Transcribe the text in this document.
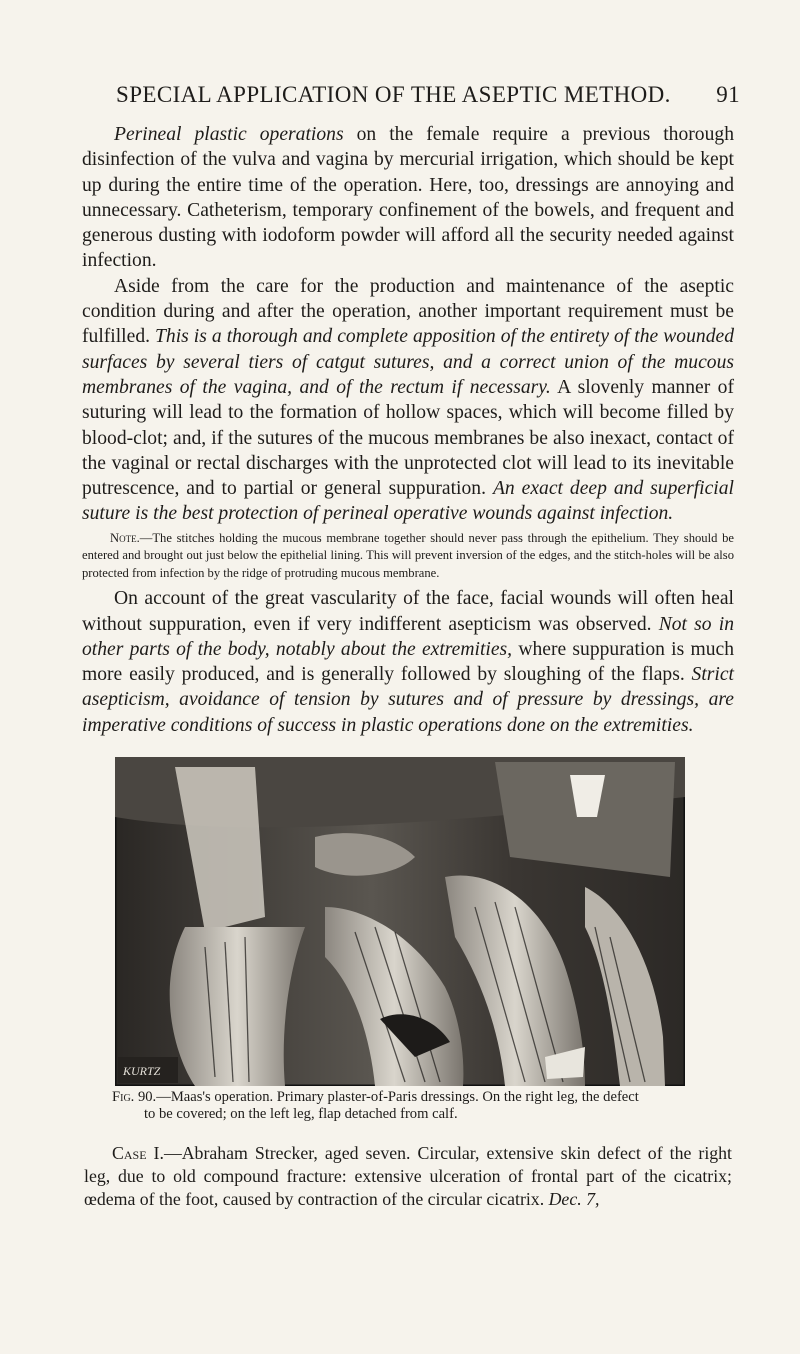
SPECIAL APPLICATION OF THE ASEPTIC METHOD. 91

Perineal plastic operations on the female require a previous thorough disinfection of the vulva and vagina by mercurial irrigation, which should be kept up during the entire time of the operation. Here, too, dressings are annoying and unnecessary. Catheterism, temporary confinement of the bowels, and frequent and generous dusting with iodoform powder will afford all the security needed against infection.

Aside from the care for the production and maintenance of the aseptic condition during and after the operation, another important requirement must be fulfilled. This is a thorough and complete apposition of the entirety of the wounded surfaces by several tiers of catgut sutures, and a correct union of the mucous membranes of the vagina, and of the rectum if necessary. A slovenly manner of suturing will lead to the formation of hollow spaces, which will become filled by blood-clot; and, if the sutures of the mucous membranes be also inexact, contact of the vaginal or rectal discharges with the unprotected clot will lead to its inevitable putrescence, and to partial or general suppuration. An exact deep and superficial suture is the best protection of perineal operative wounds against infection.

Note.—The stitches holding the mucous membrane together should never pass through the epithelium. They should be entered and brought out just below the epithelial lining. This will prevent inversion of the edges, and the stitch-holes will be also protected from infection by the ridge of protruding mucous membrane.

On account of the great vascularity of the face, facial wounds will often heal without suppuration, even if very indifferent asepticism was observed. Not so in other parts of the body, notably about the extremities, where suppuration is much more easily produced, and is generally followed by sloughing of the flaps. Strict asepticism, avoidance of tension by sutures and of pressure by dressings, are imperative conditions of success in plastic operations done on the extremities.

KURTZ
Fig. 90.—Maas's operation. Primary plaster-of-Paris dressings. On the right leg, the defect
to be covered; on the left leg, flap detached from calf.

Case I.—Abraham Strecker, aged seven. Circular, extensive skin defect of the right leg, due to old compound fracture: extensive ulceration of frontal part of the cicatrix; œdema of the foot, caused by contraction of the circular cicatrix. Dec. 7,
